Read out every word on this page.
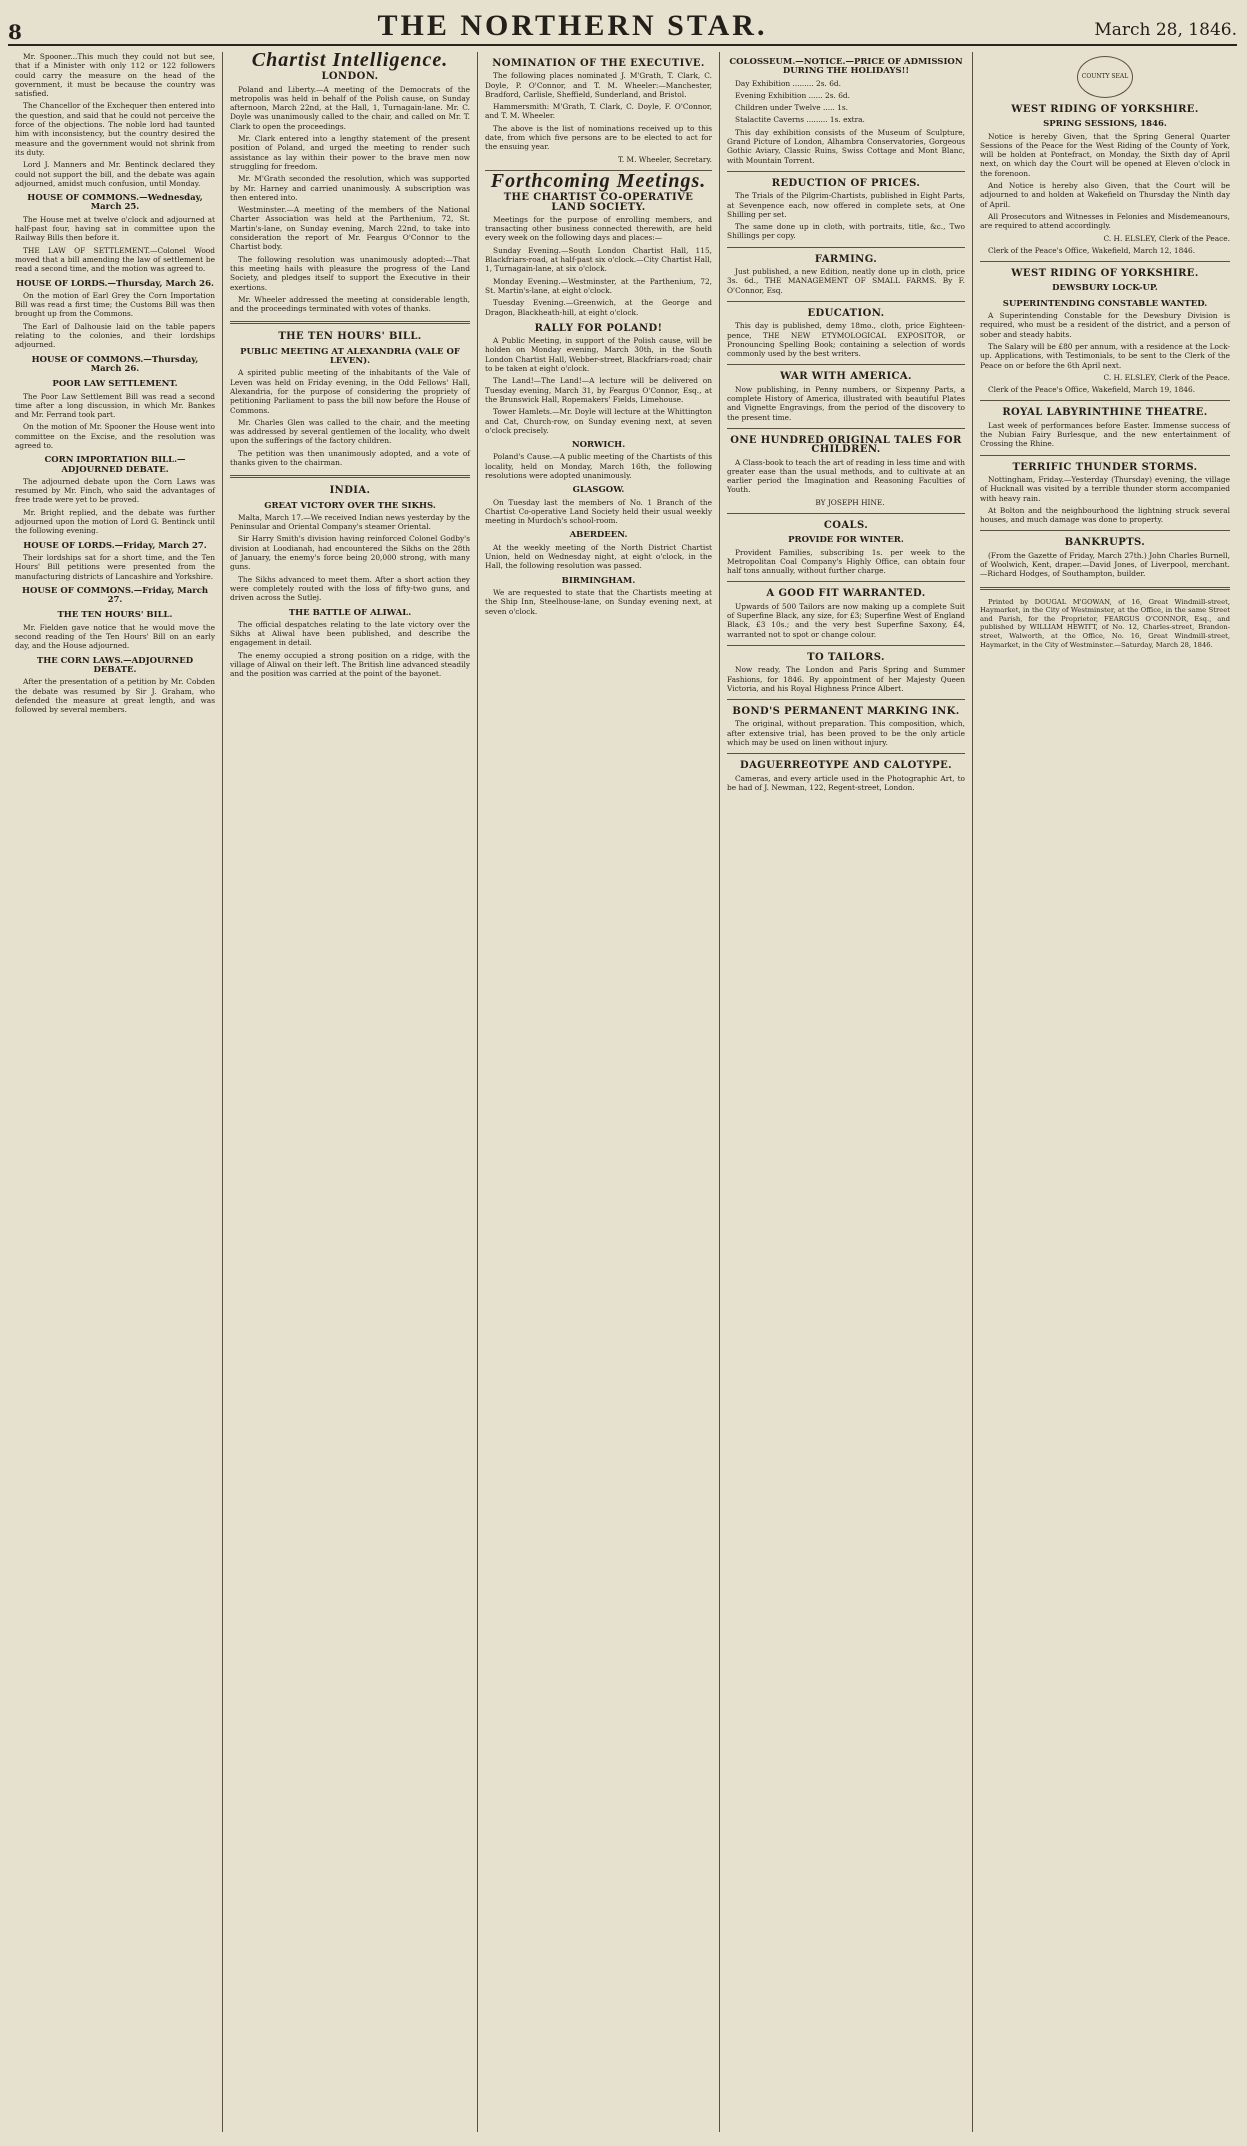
8	THE NORTHERN STAR.	March 28, 1846.

Mr. Spooner...This much they could not but see, that if a Minister with only 112 or 122 followers could carry the measure on the head of the government, it must be because the country was satisfied.

The Chancellor of the Exchequer then entered into the question, and said that he could not perceive the force of the objections. The noble lord had taunted him with inconsistency, but the country desired the measure and the government would not shrink from its duty.

Lord J. Manners and Mr. Bentinck declared they could not support the bill, and the debate was again adjourned, amidst much confusion, until Monday.

HOUSE OF COMMONS.—Wednesday, March 25.

The House met at twelve o'clock and adjourned at half-past four, having sat in committee upon the Railway Bills then before it.

THE LAW OF SETTLEMENT.—Colonel Wood moved that a bill amending the law of settlement be read a second time, and the motion was agreed to.

HOUSE OF LORDS.—Thursday, March 26.

On the motion of Earl Grey the Corn Importation Bill was read a first time; the Customs Bill was then brought up from the Commons.

The Earl of Dalhousie laid on the table papers relating to the colonies, and their lordships adjourned.

HOUSE OF COMMONS.—Thursday, March 26.
POOR LAW SETTLEMENT.

The Poor Law Settlement Bill was read a second time after a long discussion, in which Mr. Bankes and Mr. Ferrand took part.

On the motion of Mr. Spooner the House went into committee on the Excise, and the resolution was agreed to.

CORN IMPORTATION BILL.—ADJOURNED DEBATE.

The adjourned debate upon the Corn Laws was resumed by Mr. Finch, who said the advantages of free trade were yet to be proved.

Mr. Bright replied, and the debate was further adjourned upon the motion of Lord G. Bentinck until the following evening.

HOUSE OF LORDS.—Friday, March 27.

Their lordships sat for a short time, and the Ten Hours' Bill petitions were presented from the manufacturing districts of Lancashire and Yorkshire.

HOUSE OF COMMONS.—Friday, March 27.
THE TEN HOURS' BILL.

Mr. Fielden gave notice that he would move the second reading of the Ten Hours' Bill on an early day, and the House adjourned.

THE CORN LAWS.—ADJOURNED DEBATE.

After the presentation of a petition by Mr. Cobden the debate was resumed by Sir J. Graham, who defended the measure at great length, and was followed by several members.

Chartist Intelligence.
LONDON.

Poland and Liberty.—A meeting of the Democrats of the metropolis was held in behalf of the Polish cause, on Sunday afternoon, March 22nd, at the Hall, 1, Turnagain-lane. Mr. C. Doyle was unanimously called to the chair, and called on Mr. T. Clark to open the proceedings.

Mr. Clark entered into a lengthy statement of the present position of Poland, and urged the meeting to render such assistance as lay within their power to the brave men now struggling for freedom.

Mr. M'Grath seconded the resolution, which was supported by Mr. Harney and carried unanimously. A subscription was then entered into.

Westminster.—A meeting of the members of the National Charter Association was held at the Parthenium, 72, St. Martin's-lane, on Sunday evening, March 22nd, to take into consideration the report of Mr. Feargus O'Connor to the Chartist body.

The following resolution was unanimously adopted:—That this meeting hails with pleasure the progress of the Land Society, and pledges itself to support the Executive in their exertions.

Mr. Wheeler addressed the meeting at considerable length, and the proceedings terminated with votes of thanks.

THE TEN HOURS' BILL.
PUBLIC MEETING AT ALEXANDRIA (VALE OF LEVEN).

A spirited public meeting of the inhabitants of the Vale of Leven was held on Friday evening, in the Odd Fellows' Hall, Alexandria, for the purpose of considering the propriety of petitioning Parliament to pass the bill now before the House of Commons.

Mr. Charles Glen was called to the chair, and the meeting was addressed by several gentlemen of the locality, who dwelt upon the sufferings of the factory children.

The petition was then unanimously adopted, and a vote of thanks given to the chairman.

INDIA.
GREAT VICTORY OVER THE SIKHS.

Malta, March 17.—We received Indian news yesterday by the Peninsular and Oriental Company's steamer Oriental.

Sir Harry Smith's division having reinforced Colonel Godby's division at Loodianah, had encountered the Sikhs on the 28th of January, the enemy's force being 20,000 strong, with many guns.

The Sikhs advanced to meet them. After a short action they were completely routed with the loss of fifty-two guns, and driven across the Sutlej.

THE BATTLE OF ALIWAL.

The official despatches relating to the late victory over the Sikhs at Aliwal have been published, and describe the engagement in detail.

The enemy occupied a strong position on a ridge, with the village of Aliwal on their left. The British line advanced steadily and the position was carried at the point of the bayonet.

NOMINATION OF THE EXECUTIVE.

The following places nominated J. M'Grath, T. Clark, C. Doyle, P. O'Connor, and T. M. Wheeler:—Manchester, Bradford, Carlisle, Sheffield, Sunderland, and Bristol.

Hammersmith: M'Grath, T. Clark, C. Doyle, F. O'Connor, and T. M. Wheeler.

The above is the list of nominations received up to this date, from which five persons are to be elected to act for the ensuing year.

T. M. Wheeler, Secretary.

Forthcoming Meetings.
THE CHARTIST CO-OPERATIVE LAND SOCIETY.

Meetings for the purpose of enrolling members, and transacting other business connected therewith, are held every week on the following days and places:—

Sunday Evening.—South London Chartist Hall, 115, Blackfriars-road, at half-past six o'clock.—City Chartist Hall, 1, Turnagain-lane, at six o'clock.

Monday Evening.—Westminster, at the Parthenium, 72, St. Martin's-lane, at eight o'clock.

Tuesday Evening.—Greenwich, at the George and Dragon, Blackheath-hill, at eight o'clock.

RALLY FOR POLAND!

A Public Meeting, in support of the Polish cause, will be holden on Monday evening, March 30th, in the South London Chartist Hall, Webber-street, Blackfriars-road; chair to be taken at eight o'clock.

The Land!—The Land!—A lecture will be delivered on Tuesday evening, March 31, by Feargus O'Connor, Esq., at the Brunswick Hall, Ropemakers' Fields, Limehouse.

Tower Hamlets.—Mr. Doyle will lecture at the Whittington and Cat, Church-row, on Sunday evening next, at seven o'clock precisely.

NORWICH.

Poland's Cause.—A public meeting of the Chartists of this locality, held on Monday, March 16th, the following resolutions were adopted unanimously.

GLASGOW.

On Tuesday last the members of No. 1 Branch of the Chartist Co-operative Land Society held their usual weekly meeting in Murdoch's school-room.

ABERDEEN.

At the weekly meeting of the North District Chartist Union, held on Wednesday night, at eight o'clock, in the Hall, the following resolution was passed.

BIRMINGHAM.

We are requested to state that the Chartists meeting at the Ship Inn, Steelhouse-lane, on Sunday evening next, at seven o'clock.

COLOSSEUM.—NOTICE.—PRICE OF ADMISSION DURING THE HOLIDAYS!!

Day Exhibition ......... 2s. 6d.

Evening Exhibition ...... 2s. 6d.

Children under Twelve ..... 1s.

Stalactite Caverns ......... 1s. extra.

This day exhibition consists of the Museum of Sculpture, Grand Picture of London, Alhambra Conservatories, Gorgeous Gothic Aviary, Classic Ruins, Swiss Cottage and Mont Blanc, with Mountain Torrent.

REDUCTION OF PRICES.

The Trials of the Pilgrim-Chartists, published in Eight Parts, at Sevenpence each, now offered in complete sets, at One Shilling per set.

The same done up in cloth, with portraits, title, &c., Two Shillings per copy.

FARMING.

Just published, a new Edition, neatly done up in cloth, price 3s. 6d., THE MANAGEMENT OF SMALL FARMS. By F. O'Connor, Esq.

EDUCATION.

This day is published, demy 18mo., cloth, price Eighteen-pence, THE NEW ETYMOLOGICAL EXPOSITOR, or Pronouncing Spelling Book; containing a selection of words commonly used by the best writers.

WAR WITH AMERICA.

Now publishing, in Penny numbers, or Sixpenny Parts, a complete History of America, illustrated with beautiful Plates and Vignette Engravings, from the period of the discovery to the present time.

ONE HUNDRED ORIGINAL TALES FOR CHILDREN.

A Class-book to teach the art of reading in less time and with greater ease than the usual methods, and to cultivate at an earlier period the Imagination and Reasoning Faculties of Youth.

BY JOSEPH HINE.

COALS.
PROVIDE FOR WINTER.

Provident Families, subscribing 1s. per week to the Metropolitan Coal Company's Highly Office, can obtain four half tons annually, without further charge.

A GOOD FIT WARRANTED.

Upwards of 500 Tailors are now making up a complete Suit of Superfine Black, any size, for £3; Superfine West of England Black, £3 10s.; and the very best Superfine Saxony, £4, warranted not to spot or change colour.

TO TAILORS.

Now ready, The London and Paris Spring and Summer Fashions, for 1846. By appointment of her Majesty Queen Victoria, and his Royal Highness Prince Albert.

BOND'S PERMANENT MARKING INK.

The original, without preparation. This composition, which, after extensive trial, has been proved to be the only article which may be used on linen without injury.

DAGUERREOTYPE AND CALOTYPE.

Cameras, and every article used in the Photographic Art, to be had of J. Newman, 122, Regent-street, London.

COUNTY SEAL
WEST RIDING OF YORKSHIRE.
SPRING SESSIONS, 1846.

Notice is hereby Given, that the Spring General Quarter Sessions of the Peace for the West Riding of the County of York, will be holden at Pontefract, on Monday, the Sixth day of April next, on which day the Court will be opened at Eleven o'clock in the forenoon.

And Notice is hereby also Given, that the Court will be adjourned to and holden at Wakefield on Thursday the Ninth day of April.

All Prosecutors and Witnesses in Felonies and Misdemeanours, are required to attend accordingly.

C. H. ELSLEY, Clerk of the Peace.

Clerk of the Peace's Office, Wakefield, March 12, 1846.

WEST RIDING OF YORKSHIRE.
DEWSBURY LOCK-UP.
SUPERINTENDING CONSTABLE WANTED.

A Superintending Constable for the Dewsbury Division is required, who must be a resident of the district, and a person of sober and steady habits.

The Salary will be £80 per annum, with a residence at the Lock-up. Applications, with Testimonials, to be sent to the Clerk of the Peace on or before the 6th April next.

C. H. ELSLEY, Clerk of the Peace.

Clerk of the Peace's Office, Wakefield, March 19, 1846.

ROYAL LABYRINTHINE THEATRE.

Last week of performances before Easter. Immense success of the Nubian Fairy Burlesque, and the new entertainment of Crossing the Rhine.

TERRIFIC THUNDER STORMS.

Nottingham, Friday.—Yesterday (Thursday) evening, the village of Hucknall was visited by a terrible thunder storm accompanied with heavy rain.

At Bolton and the neighbourhood the lightning struck several houses, and much damage was done to property.

BANKRUPTS.

(From the Gazette of Friday, March 27th.) John Charles Burnell, of Woolwich, Kent, draper.—David Jones, of Liverpool, merchant.—Richard Hodges, of Southampton, builder.

Printed by DOUGAL M'GOWAN, of 16, Great Windmill-street, Haymarket, in the City of Westminster, at the Office, in the same Street and Parish, for the Proprietor, FEARGUS O'CONNOR, Esq., and published by WILLIAM HEWITT, of No. 12, Charles-street, Brandon-street, Walworth, at the Office, No. 16, Great Windmill-street, Haymarket, in the City of Westminster.—Saturday, March 28, 1846.
